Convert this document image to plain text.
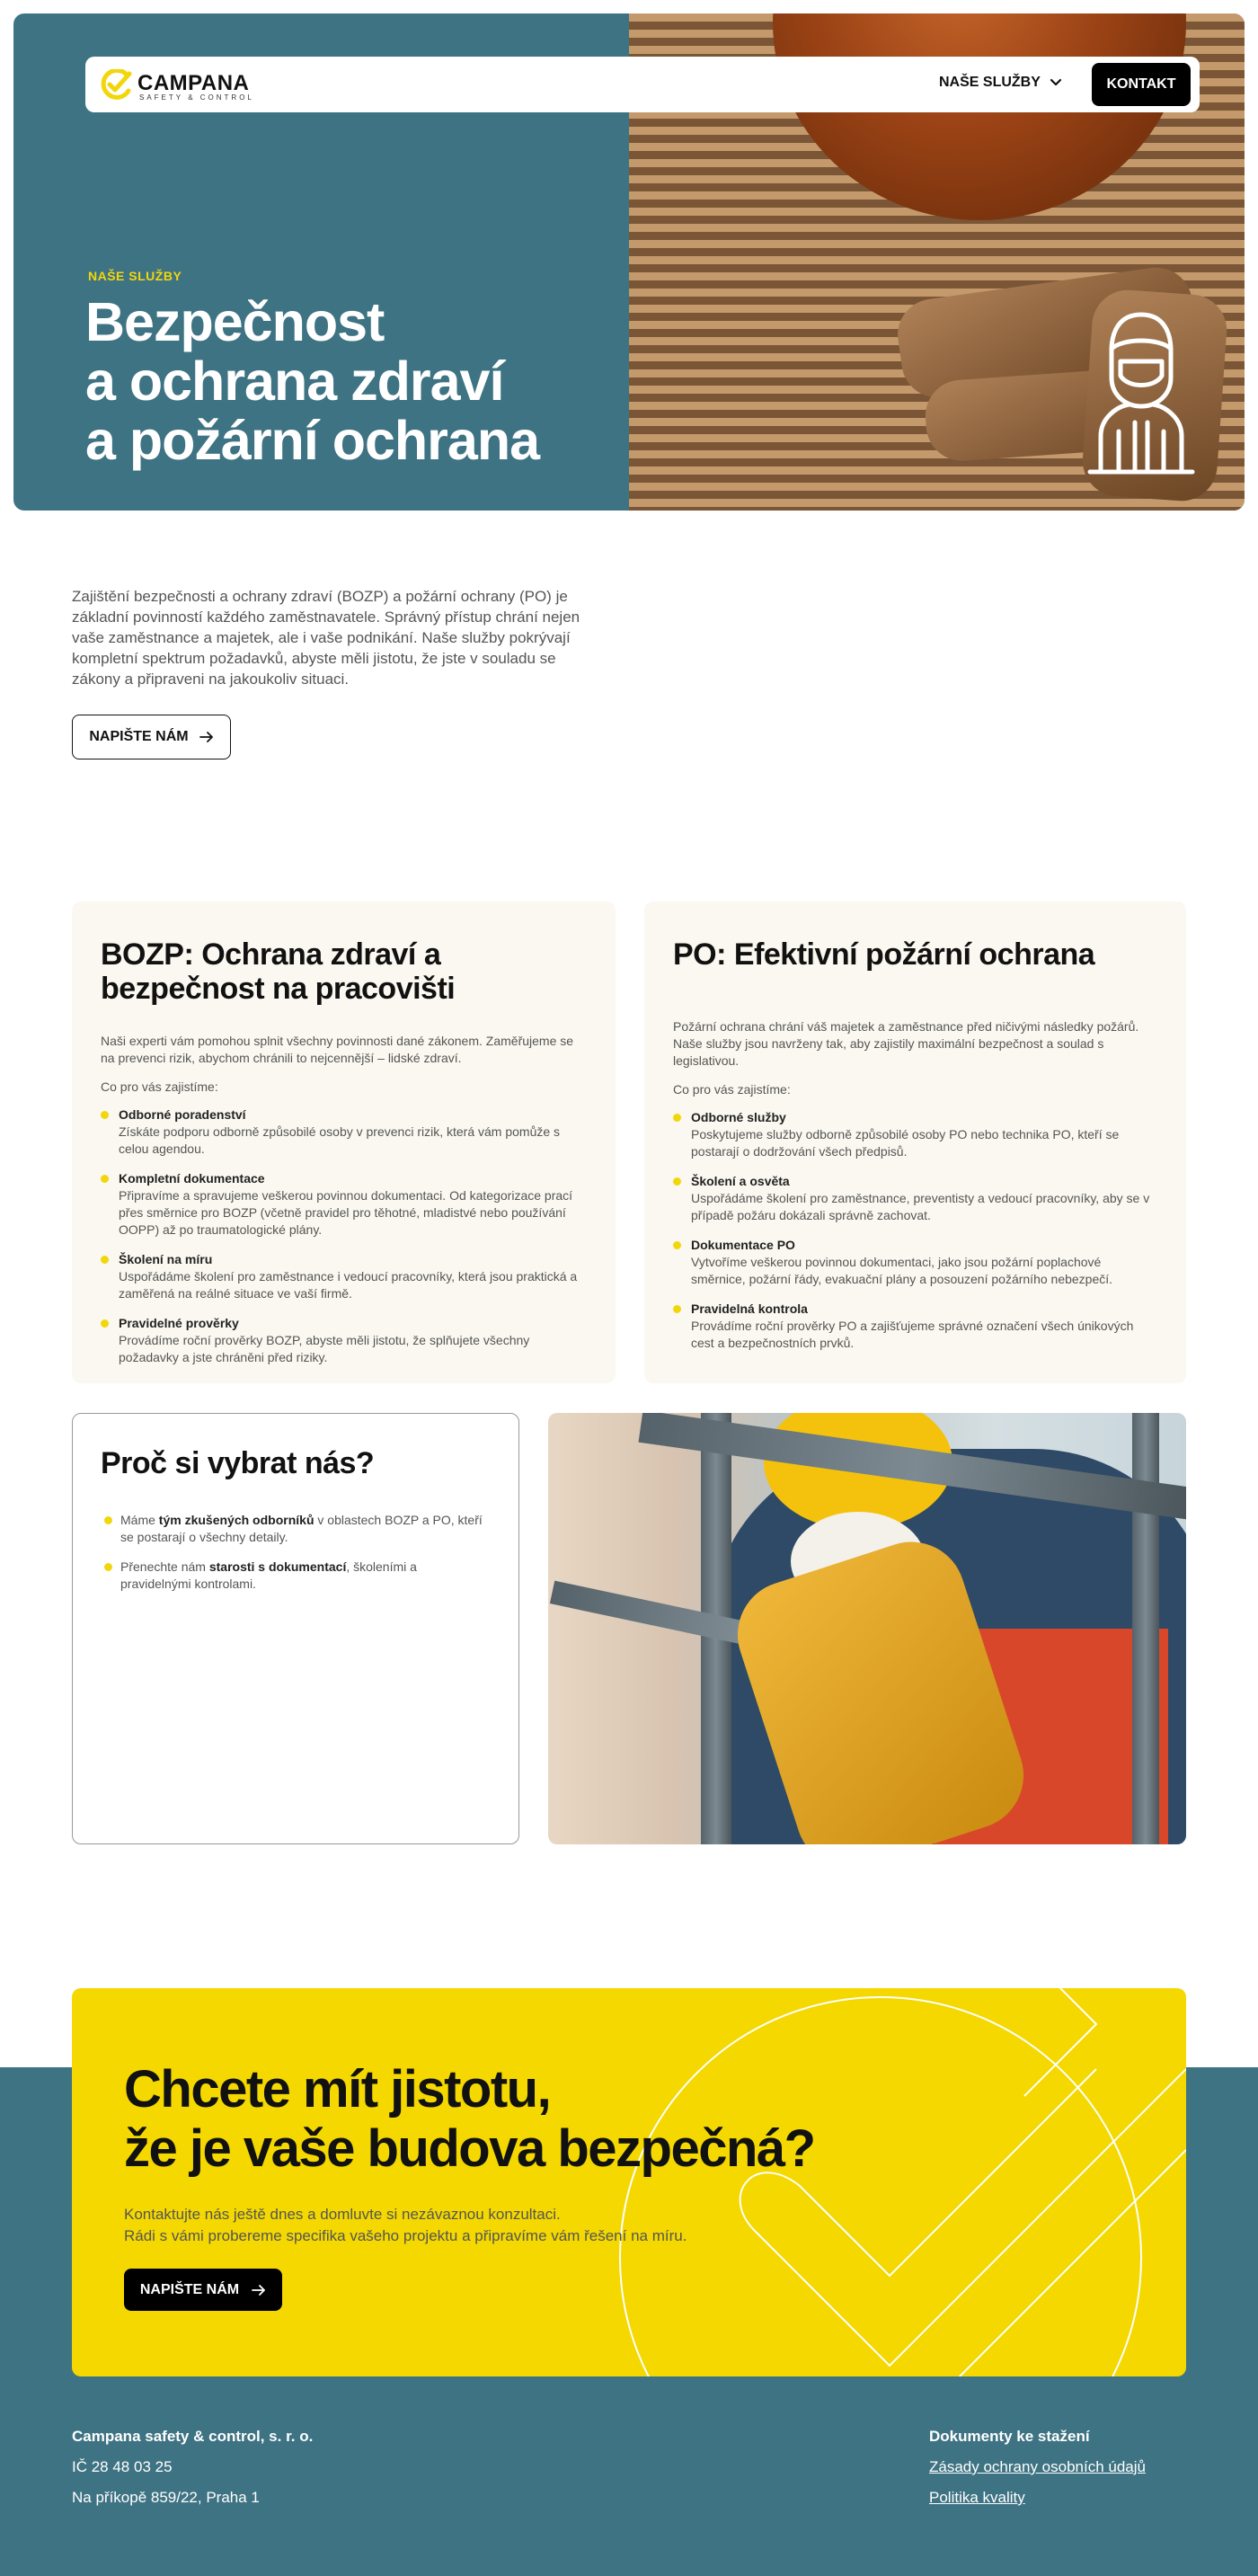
CAMPANA
SAFETY & CONTROL
NAŠE SLUŽBY	KONTAKT
NAŠE SLUŽBY
Bezpečnost
a ochrana zdraví
a požární ochrana

Zajištění bezpečnosti a ochrany zdraví (BOZP) a požární ochrany (PO) je základní povinností každého zaměstnavatele. Správný přístup chrání nejen vaše zaměstnance a majetek, ale i vaše podnikání. Naše služby pokrývají kompletní spektrum požadavků, abyste měli jistotu, že jste v souladu se zákony a připraveni na jakoukoliv situaci.

NAPIŠTE NÁM
BOZP: Ochrana zdraví a bezpečnost na pracovišti

Naši experti vám pomohou splnit všechny povinnosti dané zákonem. Zaměřujeme se na prevenci rizik, abychom chránili to nejcennější – lidské zdraví.

Co pro vás zajistíme:

Odborné poradenství
Získáte podporu odborně způsobilé osoby v prevenci rizik, která vám pomůže s celou agendou.
Kompletní dokumentace
Připravíme a spravujeme veškerou povinnou dokumentaci. Od kategorizace prací přes směrnice pro BOZP (včetně pravidel pro těhotné, mladistvé nebo používání OOPP) až po traumatologické plány.
Školení na míru
Uspořádáme školení pro zaměstnance i vedoucí pracovníky, která jsou praktická a zaměřená na reálné situace ve vaší firmě.
Pravidelné prověrky
Provádíme roční prověrky BOZP, abyste měli jistotu, že splňujete všechny požadavky a jste chráněni před riziky.
PO: Efektivní požární ochrana

Požární ochrana chrání váš majetek a zaměstnance před ničivými následky požárů. Naše služby jsou navrženy tak, aby zajistily maximální bezpečnost a soulad s legislativou.

Co pro vás zajistíme:

Odborné služby
Poskytujeme služby odborně způsobilé osoby PO nebo technika PO, kteří se postarají o dodržování všech předpisů.
Školení a osvěta
Uspořádáme školení pro zaměstnance, preventisty a vedoucí pracovníky, aby se v případě požáru dokázali správně zachovat.
Dokumentace PO
Vytvoříme veškerou povinnou dokumentaci, jako jsou požární poplachové směrnice, požární řády, evakuační plány a posouzení požárního nebezpečí.
Pravidelná kontrola
Provádíme roční prověrky PO a zajišťujeme správné označení všech únikových cest a bezpečnostních prvků.
Proč si vybrat nás?
Máme tým zkušených odborníků v oblastech BOZP a PO, kteří se postarají o všechny detaily.
Přenechte nám starosti s dokumentací, školeními a pravidelnými kontrolami.
Chcete mít jistotu,
že je vaše budova bezpečná?

Kontaktujte nás ještě dnes a domluvte si nezávaznou konzultaci.
Rádi s vámi probereme specifika vašeho projektu a připravíme vám řešení na míru.

NAPIŠTE NÁM
Campana safety & control, s. r. o.
IČ 28 48 03 25
Na příkopě 859/22, Praha 1
Dokumenty ke stažení
Zásady ochrany osobních údajů
Politika kvality
